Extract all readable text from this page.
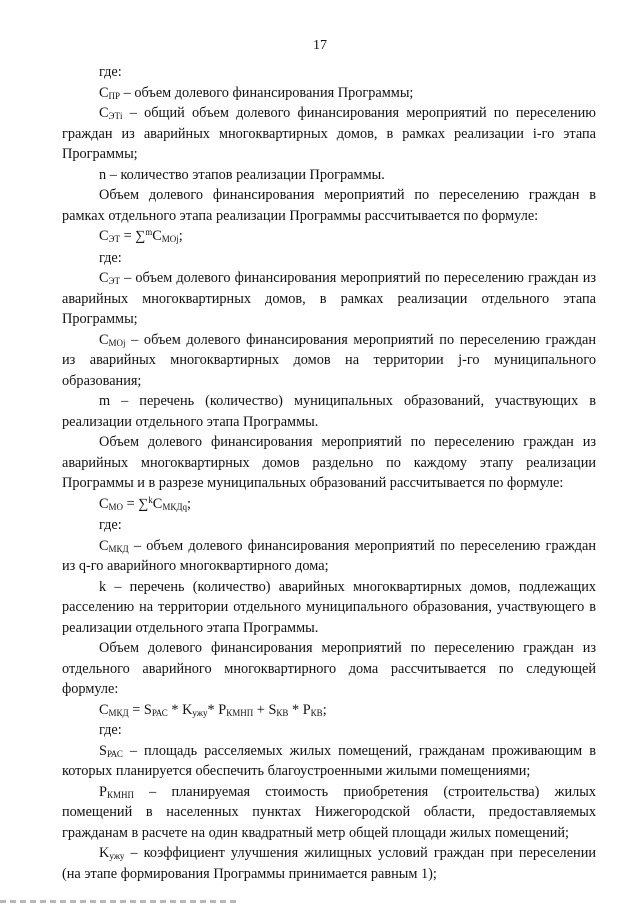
17

где:

$C_{ПР}$ – объем долевого финансирования Программы;

$C_{ЭТi}$ – общий объем долевого финансирования мероприятий по переселению граждан из аварийных многоквартирных домов, в рамках реализации i-го этапа Программы;

n – количество этапов реализации Программы.

Объем долевого финансирования мероприятий по переселению граждан в рамках отдельного этапа реализации Программы рассчитывается по формуле:

$C_{ЭТ} = \sum^mC_{МОj}$;

где:

$C_{ЭТ}$ – объем долевого финансирования мероприятий по переселению граждан из аварийных многоквартирных домов, в рамках реализации отдельного этапа Программы;

$C_{МОj}$ – объем долевого финансирования мероприятий по переселению граждан из аварийных многоквартирных домов на территории j-го муниципального образования;

m – перечень (количество) муниципальных образований, участвующих в реализации отдельного этапа Программы.

Объем долевого финансирования мероприятий по переселению граждан из аварийных многоквартирных домов раздельно по каждому этапу реализации Программы и в разрезе муниципальных образований рассчитывается по формуле:

$C_{МО} = \sum^kC_{МКДq}$;

где:

$C_{МКД}$ – объем долевого финансирования мероприятий по переселению граждан из q-го аварийного многоквартирного дома;

k – перечень (количество) аварийных многоквартирных домов, подлежащих расселению на территории отдельного муниципального образования, участвующего в реализации отдельного этапа Программы.

Объем долевого финансирования мероприятий по переселению граждан из отдельного аварийного многоквартирного дома рассчитывается по следующей формуле:

$C_{МКД} = S_{РАС} * K_{ужу}*$ $P_{КМНП} + S_{КВ} * P_{КВ}$;

где:

$S_{РАС}$ – площадь расселяемых жилых помещений, гражданам проживающим в которых планируется обеспечить благоустроенными жилыми помещениями;

$P_{КМНП}$ – планируемая стоимость приобретения (строительства) жилых помещений в населенных пунктах Нижегородской области, предоставляемых гражданам в расчете на один квадратный метр общей площади жилых помещений;

$K_{ужу}$ – коэффициент улучшения жилищных условий граждан при переселении (на этапе формирования Программы принимается равным 1);
